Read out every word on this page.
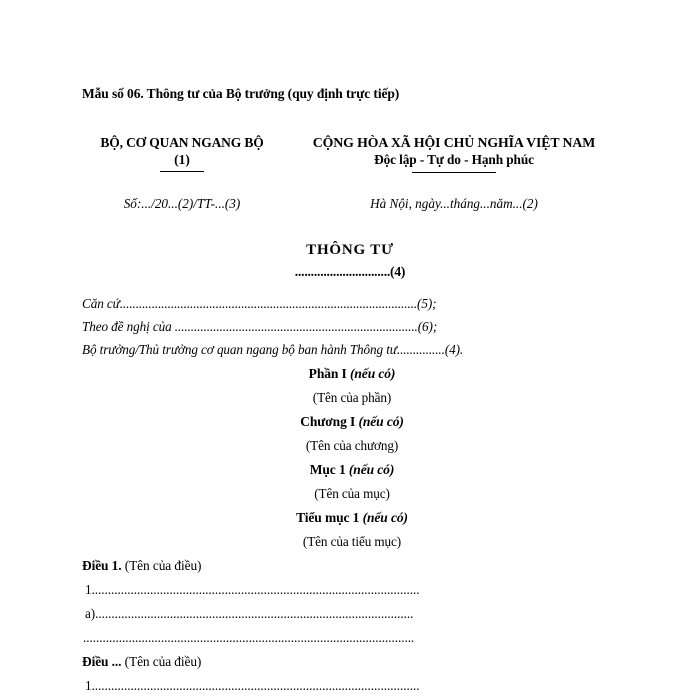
Mẫu số 06. Thông tư của Bộ trưởng (quy định trực tiếp)
BỘ, CƠ QUAN NGANG BỘ
(1)
CỘNG HÒA XÃ HỘI CHỦ NGHĨA VIỆT NAM
Độc lập - Tự do - Hạnh phúc
Số:.../20...(2)/TT-...(3)	Hà Nội, ngày...tháng...năm...(2)
THÔNG TƯ
..............................(4)
Căn cứ.............................................................................................(5);
Theo đề nghị của ............................................................................(6);
Bộ trưởng/Thủ trưởng cơ quan ngang bộ ban hành Thông tư...............(4).
Phần I (nếu có)
(Tên của phần)
Chương I (nếu có)
(Tên của chương)
Mục 1 (nếu có)
(Tên của mục)
Tiểu mục 1 (nếu có)
(Tên của tiểu mục)
Điều 1. (Tên của điều)
1.....................................................................................................
a)..................................................................................................
......................................................................................................
Điều ... (Tên của điều)
1.....................................................................................................
